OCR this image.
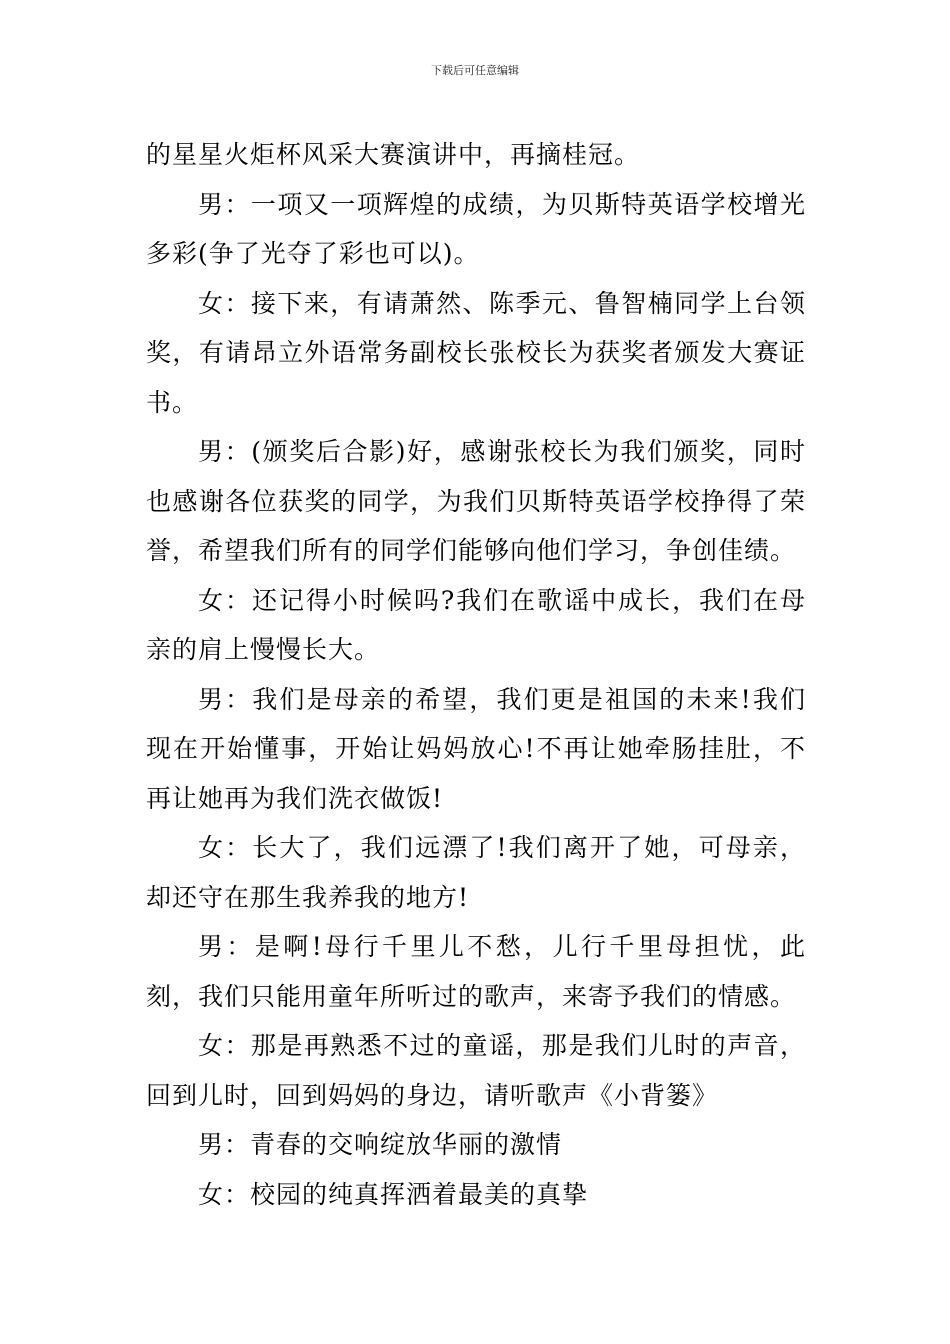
下载后可任意编辑

的星星火炬杯风采大赛演讲中，再摘桂冠。

男：一项又一项辉煌的成绩，为贝斯特英语学校增光多彩(争了光夺了彩也可以)。

女：接下来，有请萧然、陈季元、鲁智楠同学上台领奖，有请昂立外语常务副校长张校长为获奖者颁发大赛证书。

男：(颁奖后合影)好，感谢张校长为我们颁奖，同时也感谢各位获奖的同学，为我们贝斯特英语学校挣得了荣誉，希望我们所有的同学们能够向他们学习，争创佳绩。

女：还记得小时候吗?我们在歌谣中成长，我们在母亲的肩上慢慢长大。

男：我们是母亲的希望，我们更是祖国的未来!我们现在开始懂事，开始让妈妈放心!不再让她牵肠挂肚，不再让她再为我们洗衣做饭!

女：长大了，我们远漂了!我们离开了她，可母亲，却还守在那生我养我的地方!

男：是啊!母行千里儿不愁，儿行千里母担忧，此刻，我们只能用童年所听过的歌声，来寄予我们的情感。

女：那是再熟悉不过的童谣，那是我们儿时的声音，回到儿时，回到妈妈的身边，请听歌声《小背篓》

男：青春的交响绽放华丽的激情

女：校园的纯真挥洒着最美的真挚
